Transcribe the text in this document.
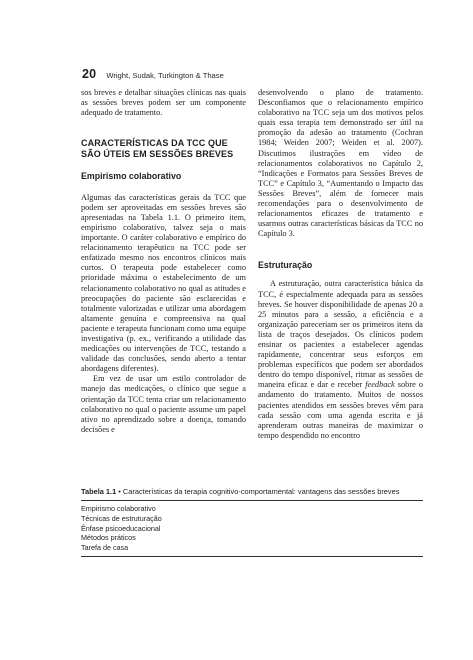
20 Wright, Sudak, Turkington & Thase

sos breves e detalhar situações clínicas nas quais as sessões breves podem ser um componente adequado de tratamento.

CARACTERÍSTICAS DA TCC QUE
SÃO ÚTEIS EM SESSÕES BREVES
Empirismo colaborativo

Algumas das características gerais da TCC que podem ser aproveitadas em sessões breves são apresentadas na Tabela 1.1. O primeiro item, empirismo colaborativo, talvez seja o mais importante. O caráter colaborativo e empírico do relacionamento terapêutico na TCC pode ser enfatizado mesmo nos encontros clínicos mais curtos. O terapeuta pode estabelecer como prioridade máxima o estabelecimento de um relacionamento colaborativo no qual as atitudes e preocupações do paciente são esclarecidas e totalmente valorizadas e utilizar uma abordagem altamente genuína e compreensiva na qual paciente e terapeuta funcionam como uma equipe investigativa (p. ex., verificando a utilidade das medicações ou intervenções de TCC, testando a validade das conclusões, sendo aberto a tentar abordagens diferentes).

Em vez de usar um estilo controlador de manejo das medicações, o clínico que segue a orientação da TCC tenta criar um relacionamento colaborativo no qual o paciente assume um papel ativo no aprendizado sobre a doença, tomando decisões e

desenvolvendo o plano de tratamento. Desconfiamos que o relacionamento empírico colaborativo na TCC seja um dos motivos pelos quais essa terapia tem demonstrado ser útil na promoção da adesão ao tratamento (Cochran 1984; Weiden 2007; Weiden et al. 2007). Discutimos ilustrações em vídeo de relacionamentos colaborativos no Capítulo 2, “Indicações e Formatos para Sessões Breves de TCC” e Capítulo 3, “Aumentando o Impacto das Sessões Breves”, além de fornecer mais recomendações para o desenvolvimento de relacionamentos eficazes de tratamento e usarmos outras características básicas da TCC no Capítulo 3.

Estruturação

A estruturação, outra característica básica da TCC, é especialmente adequada para as sessões breves. Se houver disponibilidade de apenas 20 a 25 minutos para a sessão, a eficiência e a organização pareceriam ser os primeiros itens da lista de traços desejados. Os clínicos podem ensinar os pacientes a estabelecer agendas rapidamente, concentrar seus esforços em problemas específicos que podem ser abordados dentro do tempo disponível, ritmar as sessões de maneira eficaz e dar e receber feedback sobre o andamento do tratamento. Muitos de nossos pacientes atendidos em sessões breves vêm para cada sessão com uma agenda escrita e já aprenderam outras maneiras de maximizar o tempo despendido no encontro

Tabela 1.1 • Características da terapia cognitivo-comportamental: vantagens das sessões breves
Empirismo colaborativo
Técnicas de estruturação
Ênfase psicoeducacional
Métodos práticos
Tarefa de casa
